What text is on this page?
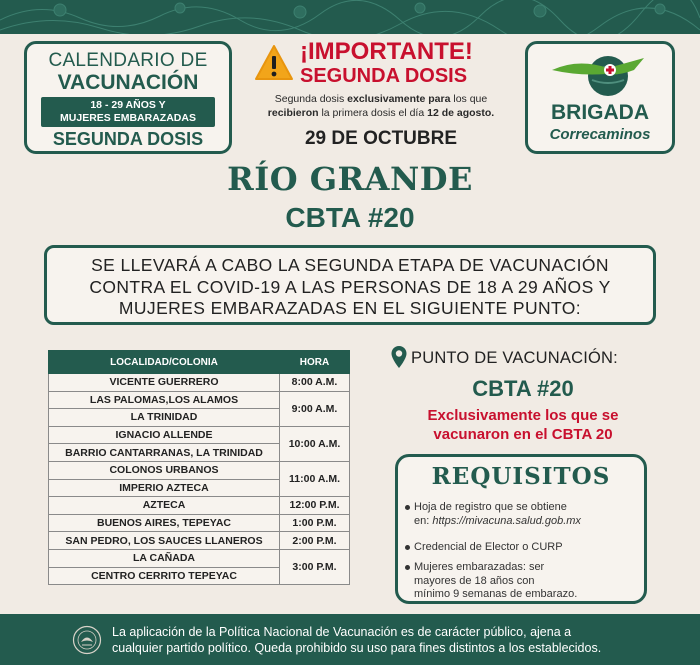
CALENDARIO DE
VACUNACIÓN
18 - 29 AÑOS Y
MUJERES EMBARAZADAS
SEGUNDA DOSIS
¡IMPORTANTE!
SEGUNDA DOSIS
Segunda dosis exclusivamente para los que
recibieron la primera dosis el día 12 de agosto.
29 DE OCTUBRE
BRIGADA
Correcaminos
RÍO GRANDE
CBTA #20
SE LLEVARÁ A CABO LA SEGUNDA ETAPA DE VACUNACIÓN
CONTRA EL COVID-19 A LAS PERSONAS DE 18 A 29 AÑOS Y
MUJERES EMBARAZADAS EN EL SIGUIENTE PUNTO:
LOCALIDAD/COLONIA	HORA
VICENTE GUERRERO	8:00 A.M.
LAS PALOMAS,LOS ALAMOS	9:00 A.M.
LA TRINIDAD	
IGNACIO ALLENDE	10:00 A.M.
BARRIO CANTARRANAS, LA TRINIDAD	
COLONOS URBANOS	11:00 A.M.
IMPERIO AZTECA	
AZTECA	12:00 P.M.
BUENOS AIRES, TEPEYAC	1:00 P.M.
SAN PEDRO, LOS SAUCES LLANEROS	2:00 P.M.
LA CAÑADA	3:00 P.M.
CENTRO CERRITO TEPEYAC	
PUNTO DE VACUNACIÓN:
CBTA #20
Exclusivamente los que se
vacunaron en el CBTA 20
REQUISITOS
Hoja de registro que se obtiene
en: https://mivacuna.salud.gob.mx
Credencial de Elector o CURP
Mujeres embarazadas: ser
mayores de 18 años con
mínimo 9 semanas de embarazo.
La aplicación de la Política Nacional de Vacunación es de carácter público, ajena a
cualquier partido político. Queda prohibido su uso para fines distintos a los establecidos.
